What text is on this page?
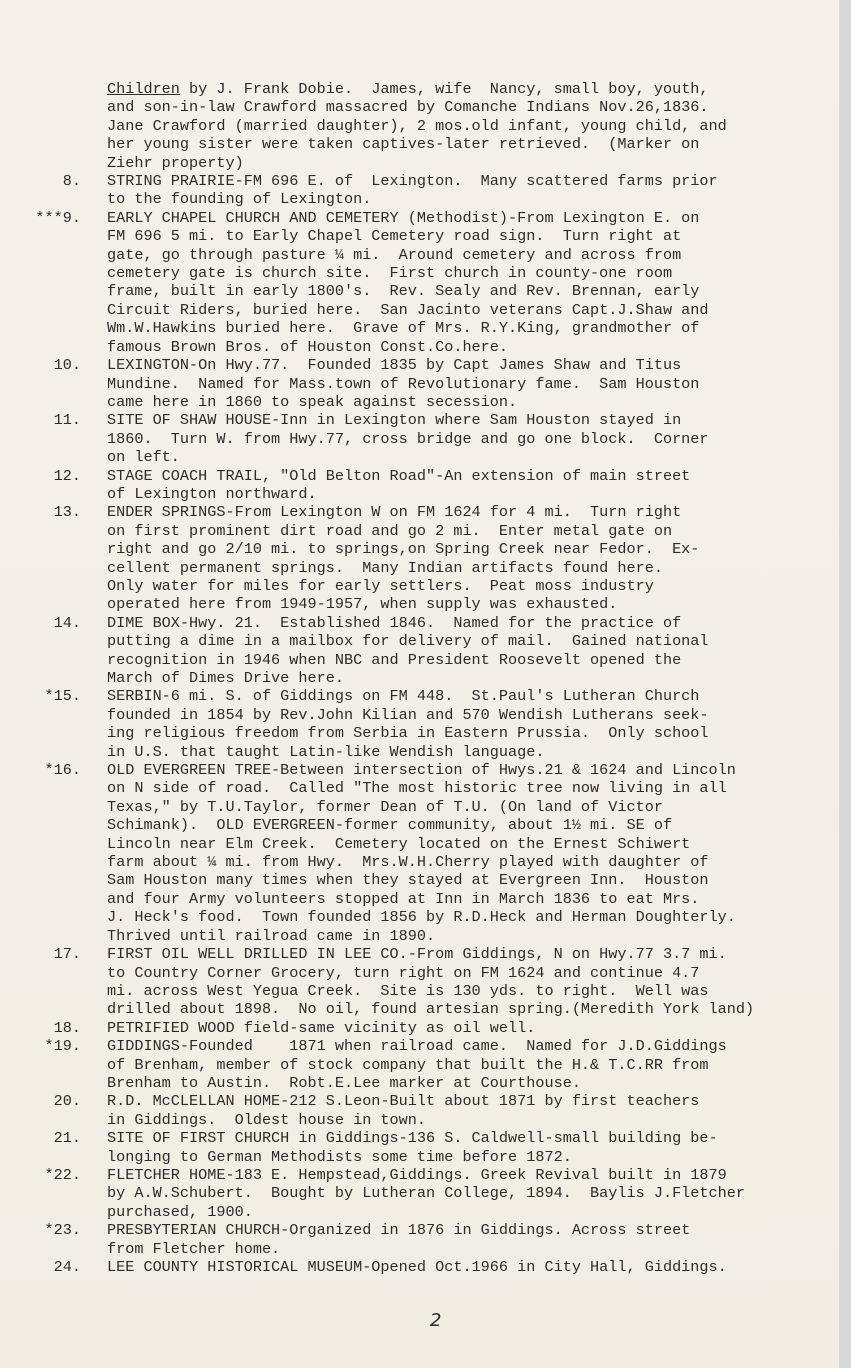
Children by J. Frank Dobie.  James, wife  Nancy, small boy, youth,
and son-in-law Crawford massacred by Comanche Indians Nov.26,1836.
Jane Crawford (married daughter), 2 mos.old infant, young child, and
her young sister were taken captives-later retrieved.  (Marker on
Ziehr property)
8. STRING PRAIRIE-FM 696 E. of  Lexington.  Many scattered farms prior
to the founding of Lexington.
***9. EARLY CHAPEL CHURCH AND CEMETERY (Methodist)-From Lexington E. on
FM 696 5 mi. to Early Chapel Cemetery road sign.  Turn right at
gate, go through pasture ¼ mi.  Around cemetery and across from
cemetery gate is church site.  First church in county-one room
frame, built in early 1800's.  Rev. Sealy and Rev. Brennan, early
Circuit Riders, buried here.  San Jacinto veterans Capt.J.Shaw and
Wm.W.Hawkins buried here.  Grave of Mrs. R.Y.King, grandmother of
famous Brown Bros. of Houston Const.Co.here.
10. LEXINGTON-On Hwy.77.  Founded 1835 by Capt James Shaw and Titus
Mundine.  Named for Mass.town of Revolutionary fame.  Sam Houston
came here in 1860 to speak against secession.
11. SITE OF SHAW HOUSE-Inn in Lexington where Sam Houston stayed in
1860.  Turn W. from Hwy.77, cross bridge and go one block.  Corner
on left.
12. STAGE COACH TRAIL, "Old Belton Road"-An extension of main street
of Lexington northward.
13. ENDER SPRINGS-From Lexington W on FM 1624 for 4 mi.  Turn right
on first prominent dirt road and go 2 mi.  Enter metal gate on
right and go 2/10 mi. to springs,on Spring Creek near Fedor.  Ex-
cellent permanent springs.  Many Indian artifacts found here.
Only water for miles for early settlers.  Peat moss industry
operated here from 1949-1957, when supply was exhausted.
14. DIME BOX-Hwy. 21.  Established 1846.  Named for the practice of
putting a dime in a mailbox for delivery of mail.  Gained national
recognition in 1946 when NBC and President Roosevelt opened the
March of Dimes Drive here.
*15. SERBIN-6 mi. S. of Giddings on FM 448.  St.Paul's Lutheran Church
founded in 1854 by Rev.John Kilian and 570 Wendish Lutherans seek-
ing religious freedom from Serbia in Eastern Prussia.  Only school
in U.S. that taught Latin-like Wendish language.
*16. OLD EVERGREEN TREE-Between intersection of Hwys.21 & 1624 and Lincoln
on N side of road.  Called "The most historic tree now living in all
Texas," by T.U.Taylor, former Dean of T.U. (On land of Victor
Schimank).  OLD EVERGREEN-former community, about 1½ mi. SE of
Lincoln near Elm Creek.  Cemetery located on the Ernest Schiwert
farm about ¼ mi. from Hwy.  Mrs.W.H.Cherry played with daughter of
Sam Houston many times when they stayed at Evergreen Inn.  Houston
and four Army volunteers stopped at Inn in March 1836 to eat Mrs.
J. Heck's food.  Town founded 1856 by R.D.Heck and Herman Doughterly.
Thrived until railroad came in 1890.
17. FIRST OIL WELL DRILLED IN LEE CO.-From Giddings, N on Hwy.77 3.7 mi.
to Country Corner Grocery, turn right on FM 1624 and continue 4.7
mi. across West Yegua Creek.  Site is 130 yds. to right.  Well was
drilled about 1898.  No oil, found artesian spring.(Meredith York land)
18. PETRIFIED WOOD field-same vicinity as oil well.
*19. GIDDINGS-Founded    1871 when railroad came.  Named for J.D.Giddings
of Brenham, member of stock company that built the H.& T.C.RR from
Brenham to Austin.  Robt.E.Lee marker at Courthouse.
20. R.D. McCLELLAN HOME-212 S.Leon-Built about 1871 by first teachers
in Giddings.  Oldest house in town.
21. SITE OF FIRST CHURCH in Giddings-136 S. Caldwell-small building be-
longing to German Methodists some time before 1872.
*22. FLETCHER HOME-183 E. Hempstead,Giddings. Greek Revival built in 1879
by A.W.Schubert.  Bought by Lutheran College, 1894.  Baylis J.Fletcher
purchased, 1900.
*23. PRESBYTERIAN CHURCH-Organized in 1876 in Giddings. Across street
from Fletcher home.
24. LEE COUNTY HISTORICAL MUSEUM-Opened Oct.1966 in City Hall, Giddings.
2
